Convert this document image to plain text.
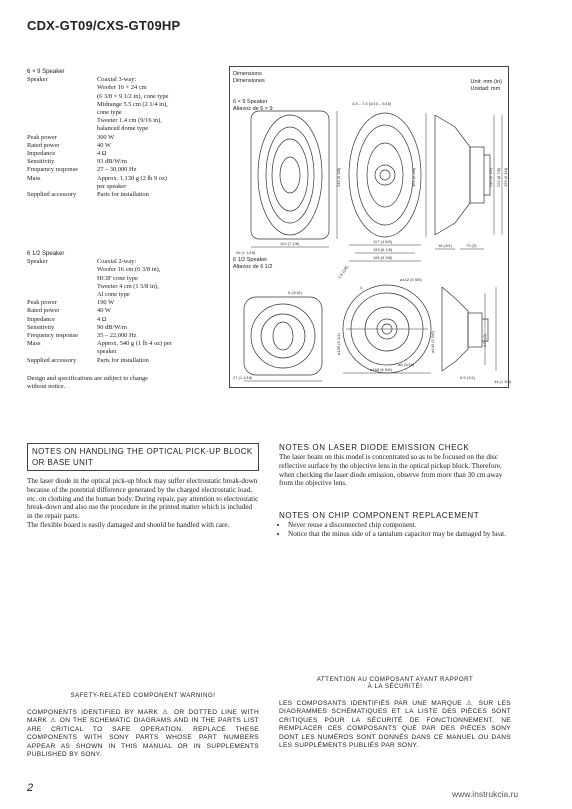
CDX-GT09/CXS-GT09HP
6 × 9 Speaker
Speaker	Coaxial 3-way:
Woofer 16 × 24 cm
(6 3/8 × 9 1/2 in), cone type
Midrange 5.5 cm (2 1/4 in),
cone type
Tweeter 1.4 cm (9/16 in),
balanced dome type
Peak power	300 W
Rated power	40 W
Impedance	4 Ω
Sensitivity	93 dB/W/m
Frequency response	27 – 30,000 Hz
Mass	Approx. 1,130 g (2 lb 9 oz)
per speaker
Supplied accessory	Parts for installation
6 1/2 Speaker
Speaker	Coaxial 2-way:
Woofer 16 cm (6 3/8 in),
HCIF cone type
Tweeter 4 cm (1 5/8 in),
Al cone type
Peak power	190 W
Rated power	40 W
Impedance	4 Ω
Sensitivity	90 dB/W/m
Frequency response	35 – 22,000 Hz
Mass	Approx. 540 g (1 lb 4 oz) per
speaker
Supplied accessory	Parts for installation
Design and specifications are subject to change without notice.
Dimensions
Dimensiones	Unit: mm (in)
Unidad: mm
6 × 9 Speaker
Altavoz de 6 × 9
6 1/2 Speaker
Altavoz de 6 1/2
4.8 – 7.5 (3/16 – 5/16)
166 (6 5/8)
244 (9 5/8)
104 (7 1/8)
26 (1 1/16)
117 (4 5/8)
153 (6 1/8)
166 (6 5/8)
18 (3/4)	73 (3)
240 (9 1/2) 222 (8 7/8) 159 (6 1/4)
5 (3/16)
ø142 (5 5/8)
ø156 (6 1/4)
ø168 (6 5/8)
27 (1 1/16)
ø5 (3/16)
ø140 (5 5/8)	ø73 (3)
44 (1 3/4)
6.5 (1/4)
4
2.5 (1/8)
NOTES ON HANDLING THE OPTICAL PICK-UP BLOCK OR BASE UNIT
The laser diode in the optical pick-up block may suffer electrostatic break-down because of the potential difference generated by the charged electrostatic load, etc. on clothing and the human body. During repair, pay attention to electrostatic break-down and also use the procedure in the printed matter which is included in the repair parts.
The flexible board is easily damaged and should be handled with care.
NOTES ON LASER DIODE EMISSION CHECK
The laser beam on this model is concentrated so as to be focused on the disc reflective surface by the objective lens in the optical pickup block. Therefore, when checking the laser diode emission, observe from more than 30 cm away from the objective lens.
NOTES ON CHIP COMPONENT REPLACEMENT
• Never reuse a disconnected chip component.
• Notice that the minus side of a tantalum capacitor may be damaged by heat.
SAFETY-RELATED COMPONENT WARNING!
COMPONENTS IDENTIFIED BY MARK ⚠ OR DOTTED LINE WITH MARK ⚠ ON THE SCHEMATIC DIAGRAMS AND IN THE PARTS LIST ARE CRITICAL TO SAFE OPERATION. REPLACE THESE COMPONENTS WITH SONY PARTS WHOSE PART NUMBERS APPEAR AS SHOWN IN THIS MANUAL OR IN SUPPLEMENTS PUBLISHED BY SONY.
ATTENTION AU COMPOSANT AYANT RAPPORT
À LA SÉCURITÉ!
LES COMPOSANTS IDENTIFIÉS PAR UNE MARQUE ⚠ SUR LES DIAGRAMMES SCHÉMATIQUES ET LA LISTE DES PIÈCES SONT CRITIQUES POUR LA SÉCURITÉ DE FONCTIONNEMENT. NE REMPLACER CES COMPOSANTS QUE PAR DES PIÈCES SONY DONT LES NUMÉROS SONT DONNÉS DANS CE MANUEL OU DANS LES SUPPLÉMENTS PUBLIÉS PAR SONY.
2	www.instrukcia.ru
